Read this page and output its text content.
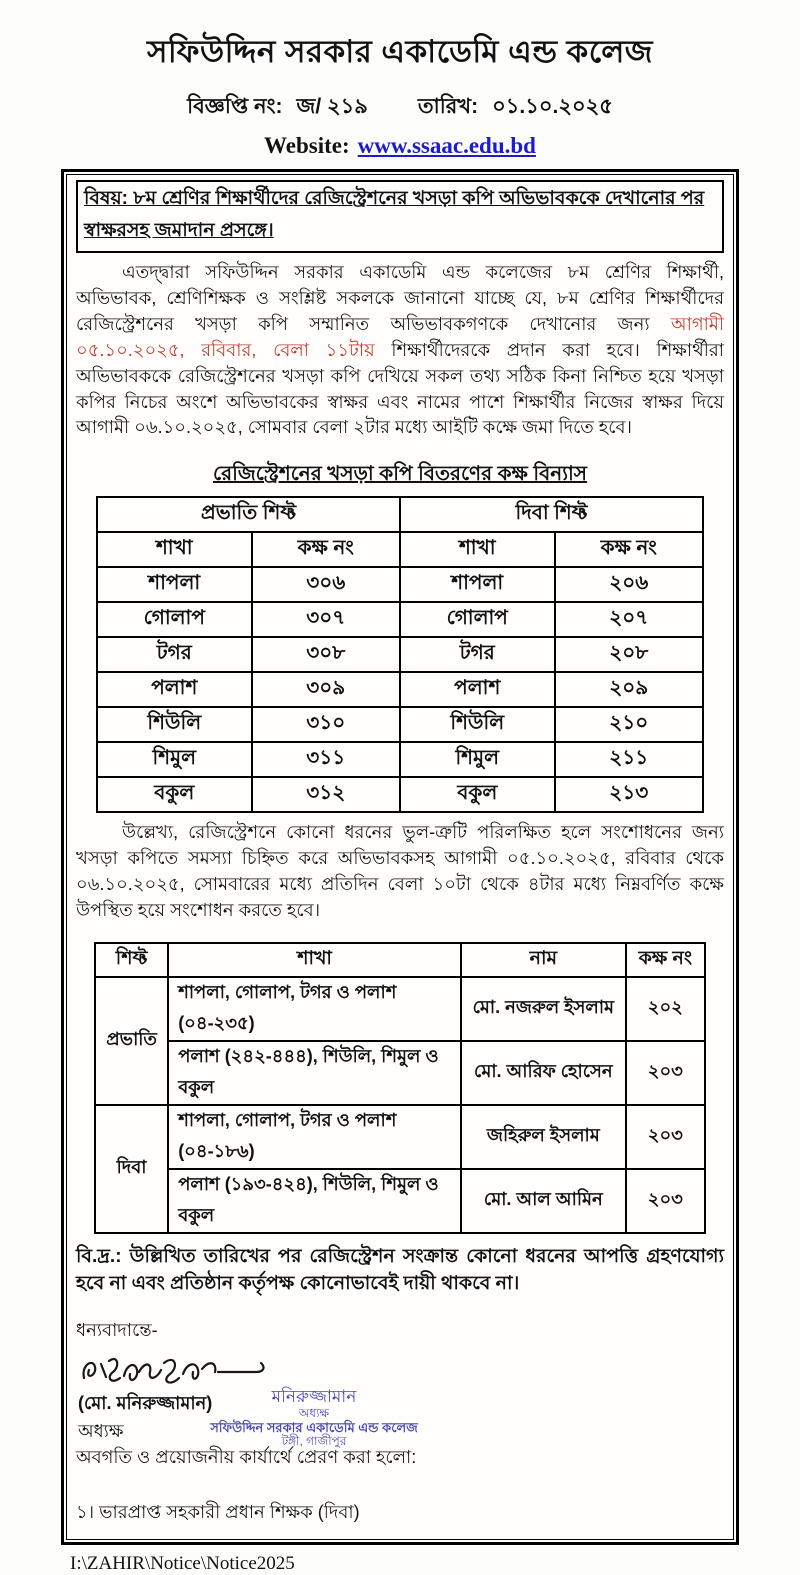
সফিউদ্দিন সরকার একাডেমি এন্ড কলেজ
বিজ্ঞপ্তি নং: জ/ ২১৯ তারিখ: ০১.১০.২০২৫
Website: www.ssaac.edu.bd
বিষয়: ৮ম শ্রেণির শিক্ষার্থীদের রেজিস্ট্রেশনের খসড়া কপি অভিভাবককে দেখানোর পর স্বাক্ষরসহ জমাদান প্রসঙ্গে।

এতদ্দ্বারা সফিউদ্দিন সরকার একাডেমি এন্ড কলেজের ৮ম শ্রেণির শিক্ষার্থী, অভিভাবক, শ্রেণিশিক্ষক ও সংশ্লিষ্ট সকলকে জানানো যাচ্ছে যে, ৮ম শ্রেণির শিক্ষার্থীদের রেজিস্ট্রেশনের খসড়া কপি সম্মানিত অভিভাবকগণকে দেখানোর জন্য আগামী ০৫.১০.২০২৫, রবিবার, বেলা ১১টায় শিক্ষার্থীদেরকে প্রদান করা হবে। শিক্ষার্থীরা অভিভাবককে রেজিস্ট্রেশনের খসড়া কপি দেখিয়ে সকল তথ্য সঠিক কিনা নিশ্চিত হয়ে খসড়া কপির নিচের অংশে অভিভাবকের স্বাক্ষর এবং নামের পাশে শিক্ষার্থীর নিজের স্বাক্ষর দিয়ে আগামী ০৬.১০.২০২৫, সোমবার বেলা ২টার মধ্যে আইটি কক্ষে জমা দিতে হবে।

রেজিস্ট্রেশনের খসড়া কপি বিতরণের কক্ষ বিন্যাস
প্রভাতি শিফ্ট		দিবা শিফ্ট	
শাখা	কক্ষ নং	শাখা	কক্ষ নং
শাপলা	৩০৬	শাপলা	২০৬
গোলাপ	৩০৭	গোলাপ	২০৭
টগর	৩০৮	টগর	২০৮
পলাশ	৩০৯	পলাশ	২০৯
শিউলি	৩১০	শিউলি	২১০
শিমুল	৩১১	শিমুল	২১১
বকুল	৩১২	বকুল	২১৩

উল্লেখ্য, রেজিস্ট্রেশনে কোনো ধরনের ভুল-ত্রুটি পরিলক্ষিত হলে সংশোধনের জন্য খসড়া কপিতে সমস্যা চিহ্নিত করে অভিভাবকসহ আগামী ০৫.১০.২০২৫, রবিবার থেকে ০৬.১০.২০২৫, সোমবারের মধ্যে প্রতিদিন বেলা ১০টা থেকে ৪টার মধ্যে নিম্নবর্ণিত কক্ষে উপস্থিত হয়ে সংশোধন করতে হবে।

শিফ্ট	শাখা	নাম	কক্ষ নং
প্রভাতি	শাপলা, গোলাপ, টগর ও পলাশ (০৪-২৩৫)	মো. নজরুল ইসলাম	২০২
	পলাশ (২৪২-৪৪৪), শিউলি, শিমুল ও বকুল	মো. আরিফ হোসেন	২০৩
দিবা	শাপলা, গোলাপ, টগর ও পলাশ (০৪-১৮৬)	জহিরুল ইসলাম	২০৩
	পলাশ (১৯৩-৪২৪), শিউলি, শিমুল ও বকুল	মো. আল আমিন	২০৩

বি.দ্র.: উল্লিখিত তারিখের পর রেজিস্ট্রেশন সংক্রান্ত কোনো ধরনের আপত্তি গ্রহণযোগ্য হবে না এবং প্রতিষ্ঠান কর্তৃপক্ষ কোনোভাবেই দায়ী থাকবে না।

ধন্যবাদান্তে-
(মো. মনিরুজ্জামান)
অধ্যক্ষ
মনিরুজ্জামান
অধ্যক্ষ
সফিউদ্দিন সরকার একাডেমি এন্ড কলেজ
টঙ্গী, গাজীপুর
অবগতি ও প্রয়োজনীয় কার্যার্থে প্রেরণ করা হলো:
১। ভারপ্রাপ্ত সহকারী প্রধান শিক্ষক (দিবা)
I:\ZAHIR\Notice\Notice2025
